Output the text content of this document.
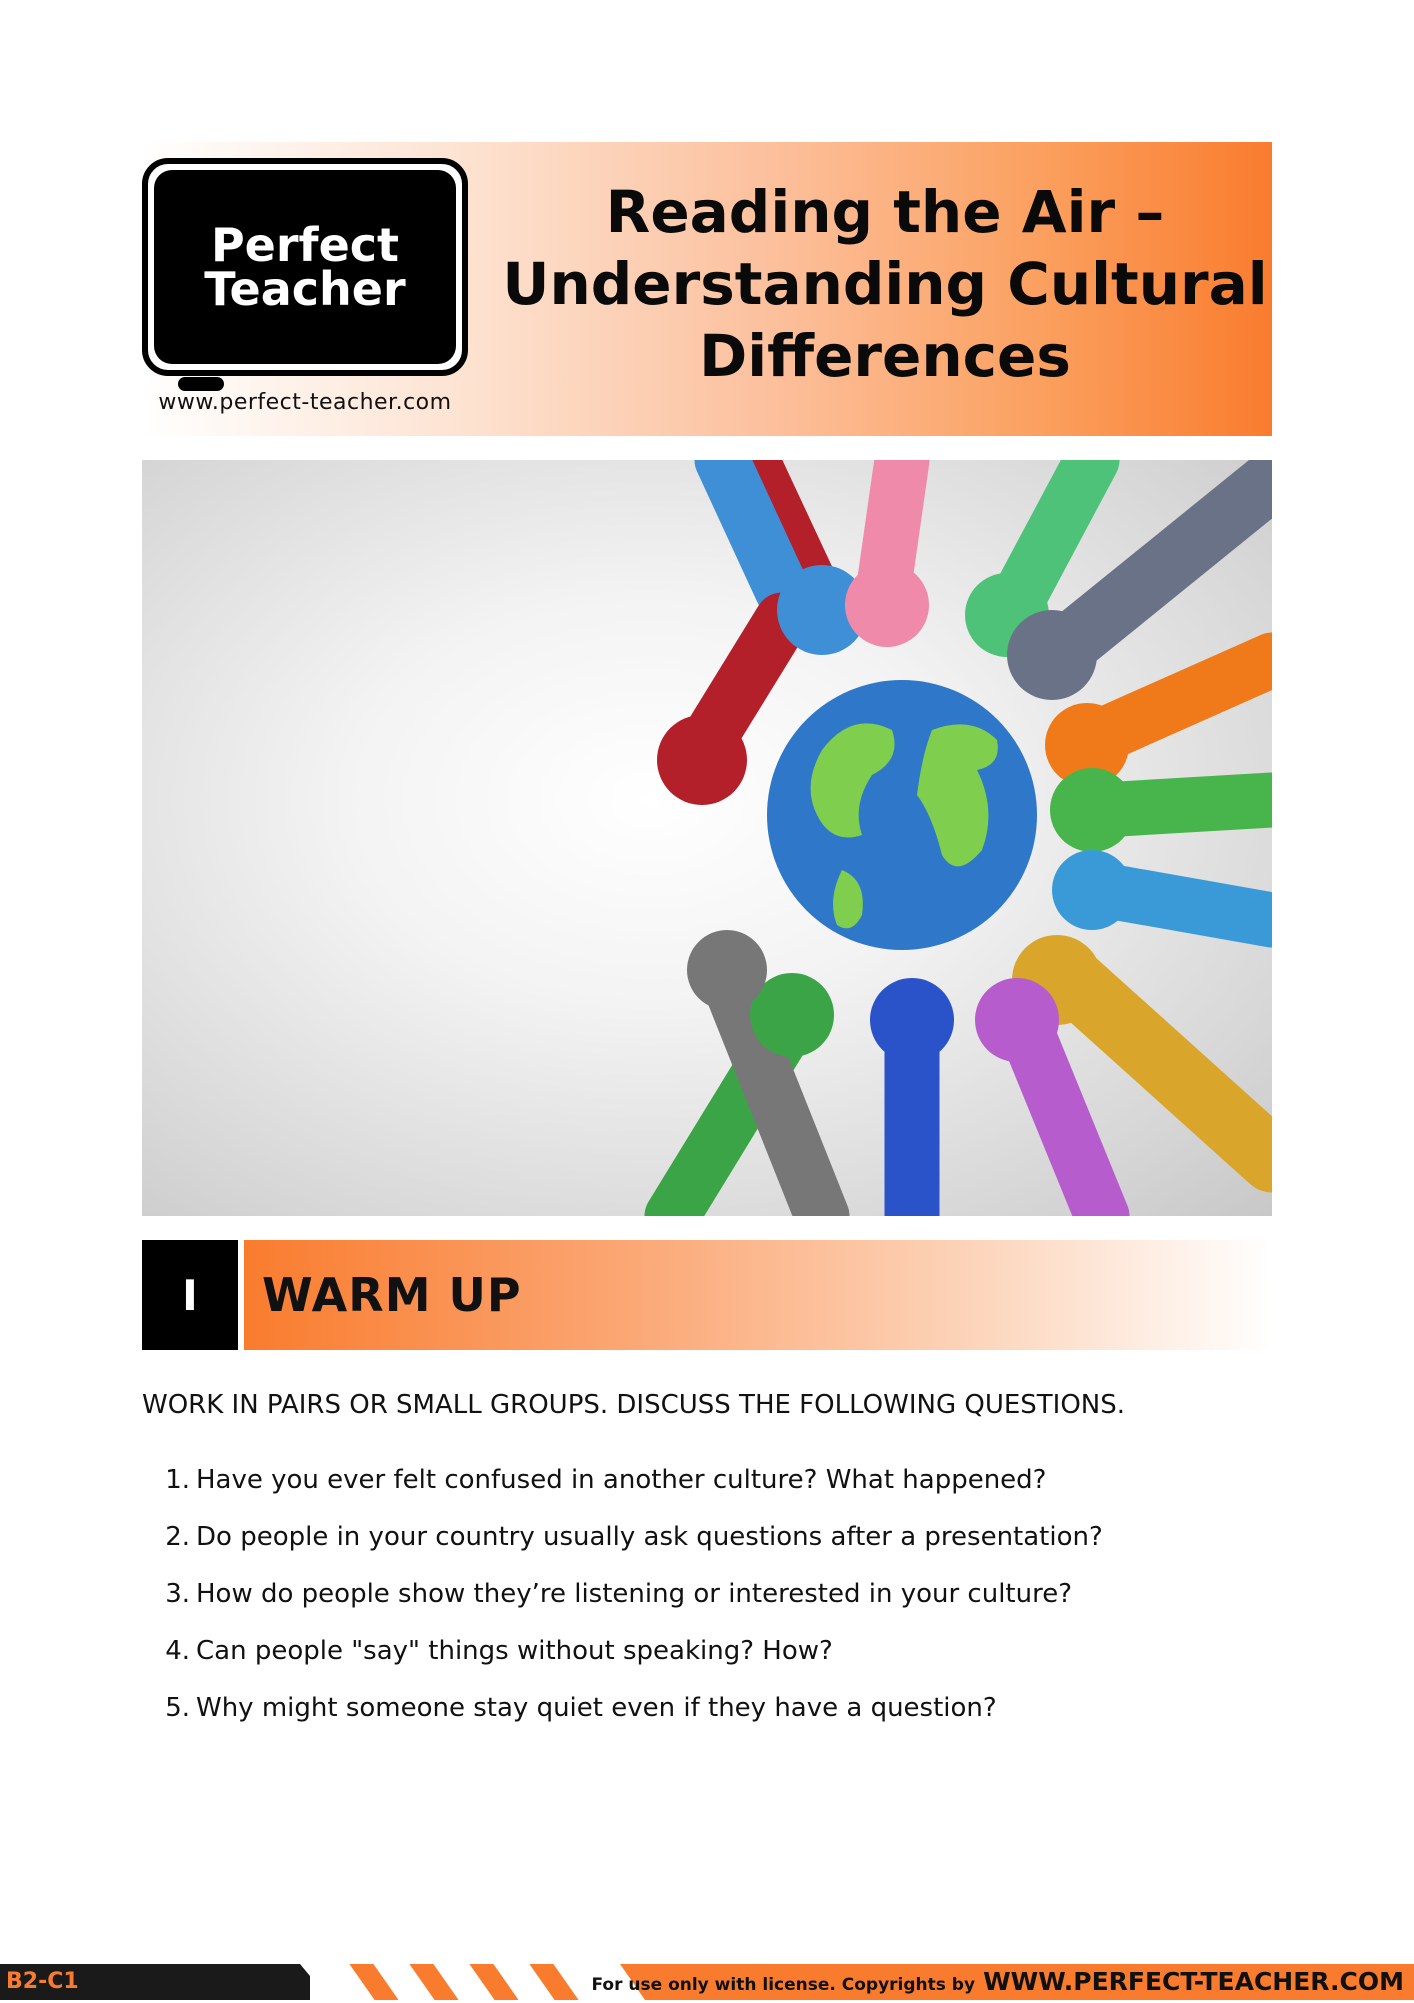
Perfect
Teacher
www.perfect-teacher.com
Reading the Air –
Understanding Cultural
Differences
I	WARM UP
WORK IN PAIRS OR SMALL GROUPS. DISCUSS THE FOLLOWING QUESTIONS.
1. Have you ever felt confused in another culture? What happened?
2. Do people in your country usually ask questions after a presentation?
3. How do people show they’re listening or interested in your culture?
4. Can people "say" things without speaking? How?
5. Why might someone stay quiet even if they have a question?
B2-C1	For use only with license. Copyrights by WWW.PERFECT-TEACHER.COM
